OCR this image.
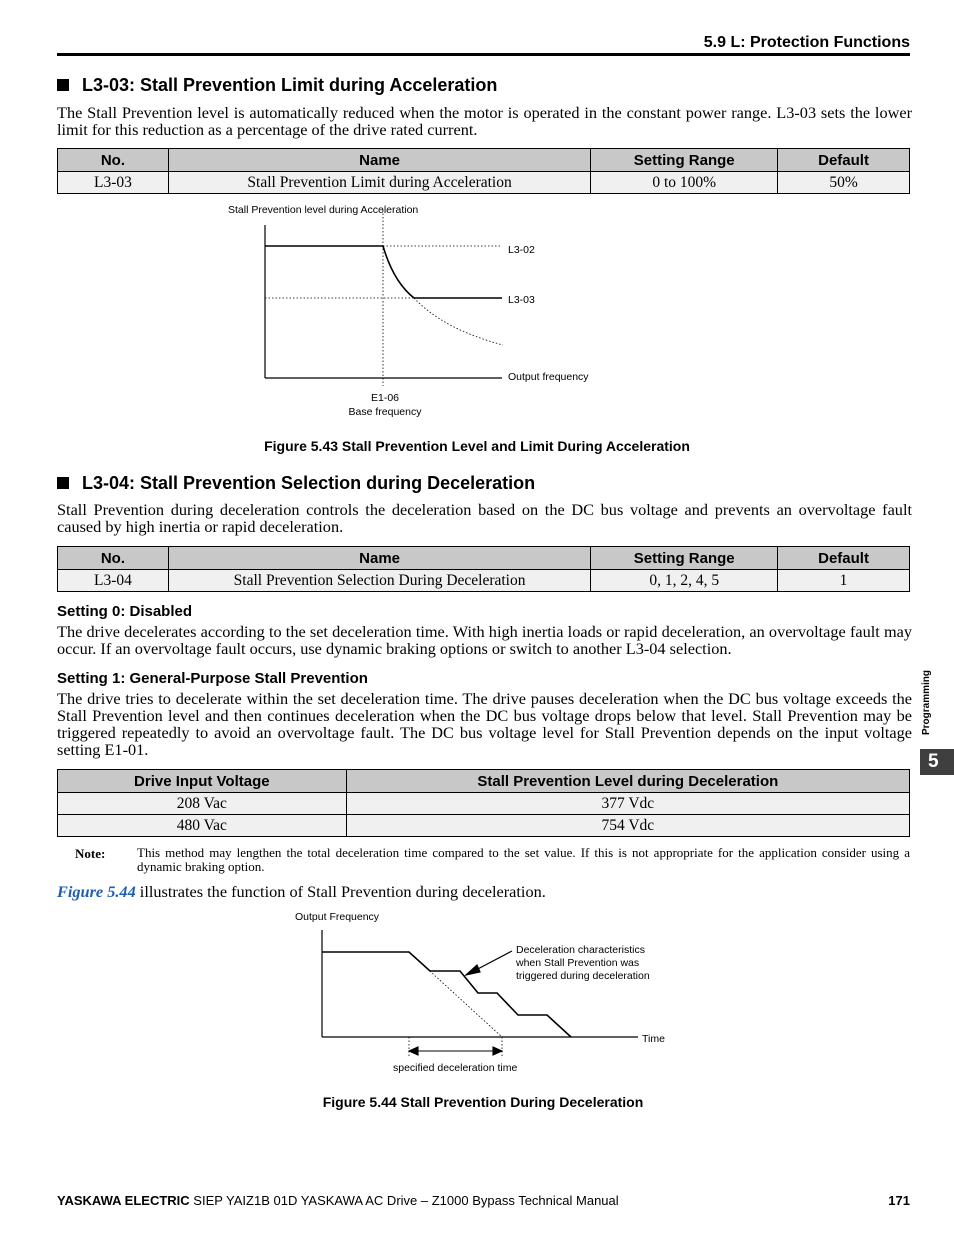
5.9 L: Protection Functions
L3-03: Stall Prevention Limit during Acceleration
The Stall Prevention level is automatically reduced when the motor is operated in the constant power range. L3-03 sets the lower limit for this reduction as a percentage of the drive rated current.
No.	Name	Setting Range	Default
L3-03	Stall Prevention Limit during Acceleration	0 to 100%	50%
Stall Prevention level during Acceleration
L3-02
L3-03
Output frequency
E1-06
Base frequency
Figure 5.43 Stall Prevention Level and Limit During Acceleration
L3-04: Stall Prevention Selection during Deceleration
Stall Prevention during deceleration controls the deceleration based on the DC bus voltage and prevents an overvoltage fault caused by high inertia or rapid deceleration.
No.	Name	Setting Range	Default
L3-04	Stall Prevention Selection During Deceleration	0, 1, 2, 4, 5	1
Setting 0: Disabled
The drive decelerates according to the set deceleration time. With high inertia loads or rapid deceleration, an overvoltage fault may occur. If an overvoltage fault occurs, use dynamic braking options or switch to another L3-04 selection.
Setting 1: General-Purpose Stall Prevention
The drive tries to decelerate within the set deceleration time. The drive pauses deceleration when the DC bus voltage exceeds the Stall Prevention level and then continues deceleration when the DC bus voltage drops below that level. Stall Prevention may be triggered repeatedly to avoid an overvoltage fault. The DC bus voltage level for Stall Prevention depends on the input voltage setting E1-01.
Drive Input Voltage	Stall Prevention Level during Deceleration
208 Vac	377 Vdc
480 Vac	754 Vdc
Note: This method may lengthen the total deceleration time compared to the set value. If this is not appropriate for the application consider using a dynamic braking option.
Figure 5.44 illustrates the function of Stall Prevention during deceleration.
Output Frequency
Deceleration characteristics
when Stall Prevention was
triggered during deceleration
Time
specified deceleration time
Figure 5.44 Stall Prevention During Deceleration
Programming
5
YASKAWA ELECTRIC SIEP YAIZ1B 01D YASKAWA AC Drive – Z1000 Bypass Technical Manual	171
